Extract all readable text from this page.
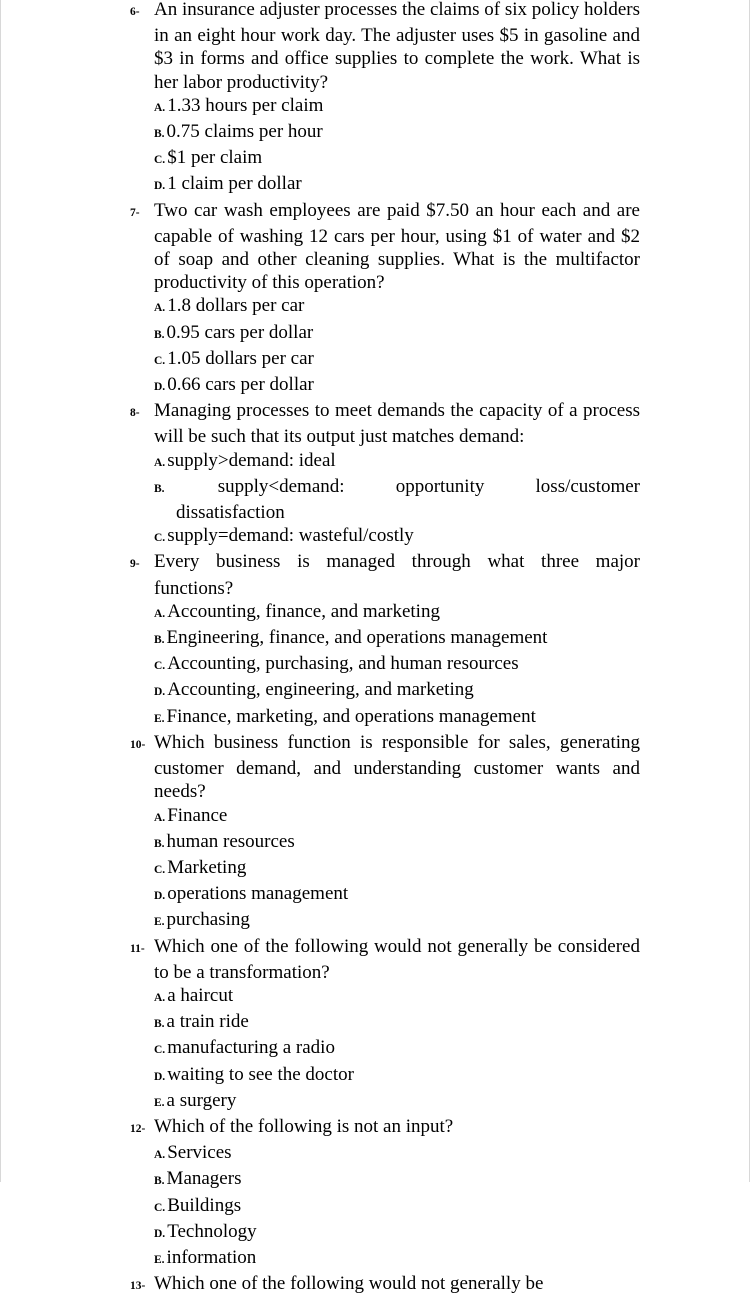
6- An insurance adjuster processes the claims of six policy holders in an eight hour work day. The adjuster uses $5 in gasoline and $3 in forms and office supplies to complete the work. What is her labor productivity?

A. 1.33 hours per claim
B. 0.75 claims per hour
C. $1 per claim
D. 1 claim per dollar

7- Two car wash employees are paid $7.50 an hour each and are capable of washing 12 cars per hour, using $1 of water and $2 of soap and other cleaning supplies. What is the multifactor productivity of this operation?

A. 1.8 dollars per car
B. 0.95 cars per dollar
C. 1.05 dollars per car
D. 0.66 cars per dollar

8- Managing processes to meet demands the capacity of a process will be such that its output just matches demand:

A. supply>demand: ideal
B.	supply<demand: opportunity loss/customer
dissatisfaction
C. supply=demand: wasteful/costly

9- Every business is managed through what three major functions?

A. Accounting, finance, and marketing
B. Engineering, finance, and operations management
C. Accounting, purchasing, and human resources
D. Accounting, engineering, and marketing
E. Finance, marketing, and operations management

10- Which business function is responsible for sales, generating customer demand, and understanding customer wants and needs?

A. Finance
B. human resources
C. Marketing
D. operations management
E. purchasing

11- Which one of the following would not generally be considered to be a transformation?

A. a haircut
B. a train ride
C. manufacturing a radio
D. waiting to see the doctor
E. a surgery

12- Which of the following is not an input?

A. Services
B. Managers
C. Buildings
D. Technology
E. information

13- Which one of the following would not generally be
